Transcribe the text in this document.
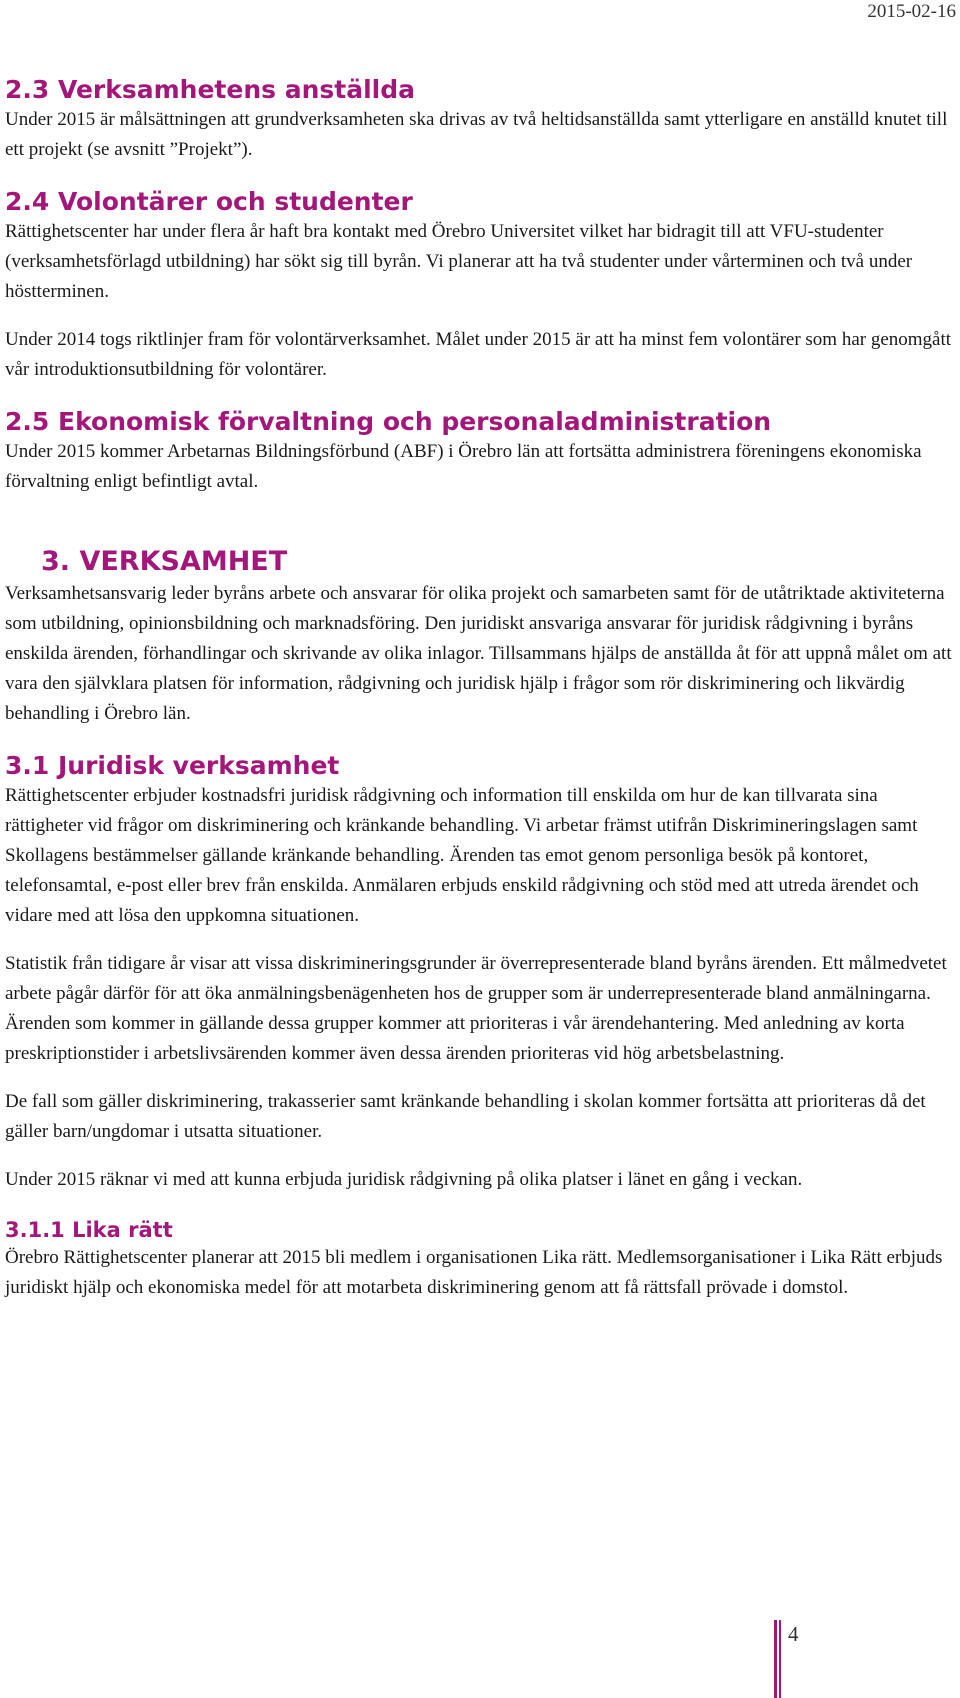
2015-02-16
2.3 Verksamhetens anställda

Under 2015 är målsättningen att grundverksamheten ska drivas av två heltidsanställda samt ytterligare en anställd knutet till ett projekt (se avsnitt ”Projekt”).

2.4 Volontärer och studenter

Rättighetscenter har under flera år haft bra kontakt med Örebro Universitet vilket har bidragit till att VFU-studenter (verksamhetsförlagd utbildning) har sökt sig till byrån. Vi planerar att ha två studenter under vårterminen och två under höstterminen.

Under 2014 togs riktlinjer fram för volontärverksamhet. Målet under 2015 är att ha minst fem volontärer som har genomgått vår introduktionsutbildning för volontärer.

2.5 Ekonomisk förvaltning och personaladministration

Under 2015 kommer Arbetarnas Bildningsförbund (ABF) i Örebro län att fortsätta administrera föreningens ekonomiska förvaltning enligt befintligt avtal.

3. VERKSAMHET

Verksamhetsansvarig leder byråns arbete och ansvarar för olika projekt och samarbeten samt för de utåtriktade aktiviteterna som utbildning, opinionsbildning och marknadsföring. Den juridiskt ansvariga ansvarar för juridisk rådgivning i byråns enskilda ärenden, förhandlingar och skrivande av olika inlagor. Tillsammans hjälps de anställda åt för att uppnå målet om att vara den självklara platsen för information, rådgivning och juridisk hjälp i frågor som rör diskriminering och likvärdig behandling i Örebro län.

3.1 Juridisk verksamhet

Rättighetscenter erbjuder kostnadsfri juridisk rådgivning och information till enskilda om hur de kan tillvarata sina rättigheter vid frågor om diskriminering och kränkande behandling. Vi arbetar främst utifrån Diskrimineringslagen samt Skollagens bestämmelser gällande kränkande behandling. Ärenden tas emot genom personliga besök på kontoret, telefonsamtal, e-post eller brev från enskilda. Anmälaren erbjuds enskild rådgivning och stöd med att utreda ärendet och vidare med att lösa den uppkomna situationen.

Statistik från tidigare år visar att vissa diskrimineringsgrunder är överrepresenterade bland byråns ärenden. Ett målmedvetet arbete pågår därför för att öka anmälningsbenägenheten hos de grupper som är underrepresenterade bland anmälningarna. Ärenden som kommer in gällande dessa grupper kommer att prioriteras i vår ärendehantering. Med anledning av korta preskriptionstider i arbetslivsärenden kommer även dessa ärenden prioriteras vid hög arbetsbelastning.

De fall som gäller diskriminering, trakasserier samt kränkande behandling i skolan kommer fortsätta att prioriteras då det gäller barn/ungdomar i utsatta situationer.

Under 2015 räknar vi med att kunna erbjuda juridisk rådgivning på olika platser i länet en gång i veckan.

3.1.1 Lika rätt

Örebro Rättighetscenter planerar att 2015 bli medlem i organisationen Lika rätt. Medlemsorganisationer i Lika Rätt erbjuds juridiskt hjälp och ekonomiska medel för att motarbeta diskriminering genom att få rättsfall prövade i domstol.

4
